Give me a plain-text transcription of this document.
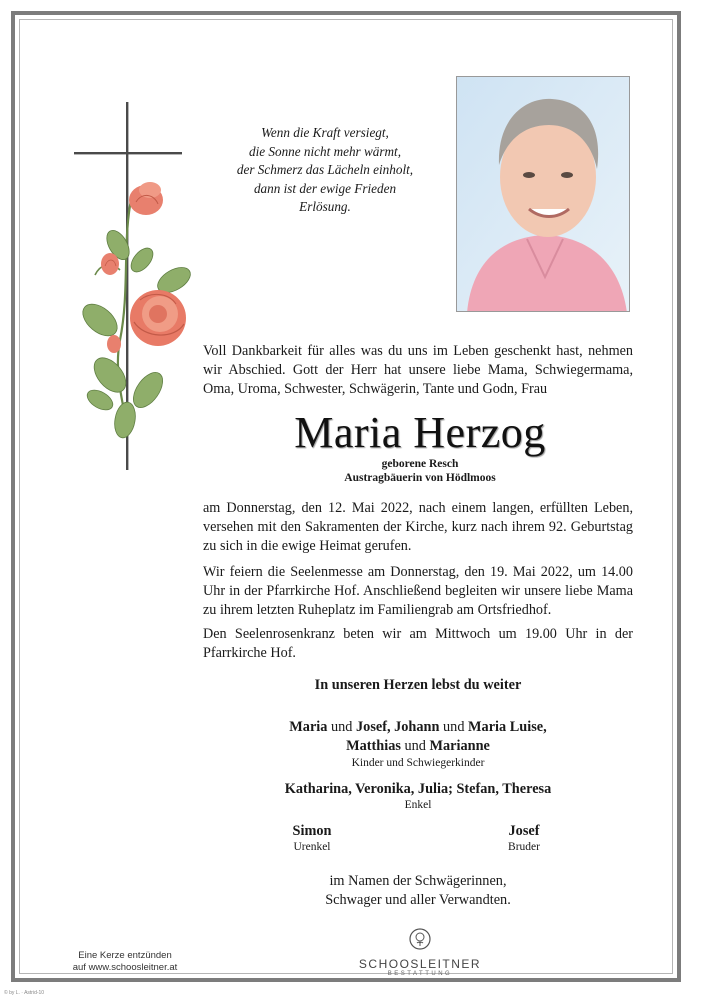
Wenn die Kraft versiegt,
die Sonne nicht mehr wärmt,
der Schmerz das Lächeln einholt,
dann ist der ewige Frieden
Erlösung.
Voll Dankbarkeit für alles was du uns im Leben geschenkt hast, nehmen wir Abschied. Gott der Herr hat unsere liebe Mama, Schwiegermama, Oma, Uroma, Schwester, Schwägerin, Tante und Godn, Frau
Maria Herzog
geborene Resch
Austragbäuerin von Hödlmoos
am Donnerstag, den 12. Mai 2022, nach einem langen, erfüllten Leben, versehen mit den Sakramenten der Kirche, kurz nach ihrem 92. Geburtstag zu sich in die ewige Heimat gerufen.
Wir feiern die Seelenmesse am Donnerstag, den 19. Mai 2022, um 14.00 Uhr in der Pfarrkirche Hof. Anschließend begleiten wir unsere liebe Mama zu ihrem letzten Ruheplatz im Familiengrab am Ortsfriedhof.
Den Seelenrosenkranz beten wir am Mittwoch um 19.00 Uhr in der Pfarrkirche Hof.
In unseren Herzen lebst du weiter
Maria und Josef, Johann und Maria Luise,
Matthias und Marianne
Kinder und Schwiegerkinder
Katharina, Veronika, Julia; Stefan, Theresa
Enkel
Simon
Urenkel
Josef
Bruder
im Namen der Schwägerinnen,
Schwager und aller Verwandten.
Eine Kerze entzünden
auf www.schoosleitner.at	SCHOOSLEITNER
BESTATTUNG
© by L. · Astrid-10
